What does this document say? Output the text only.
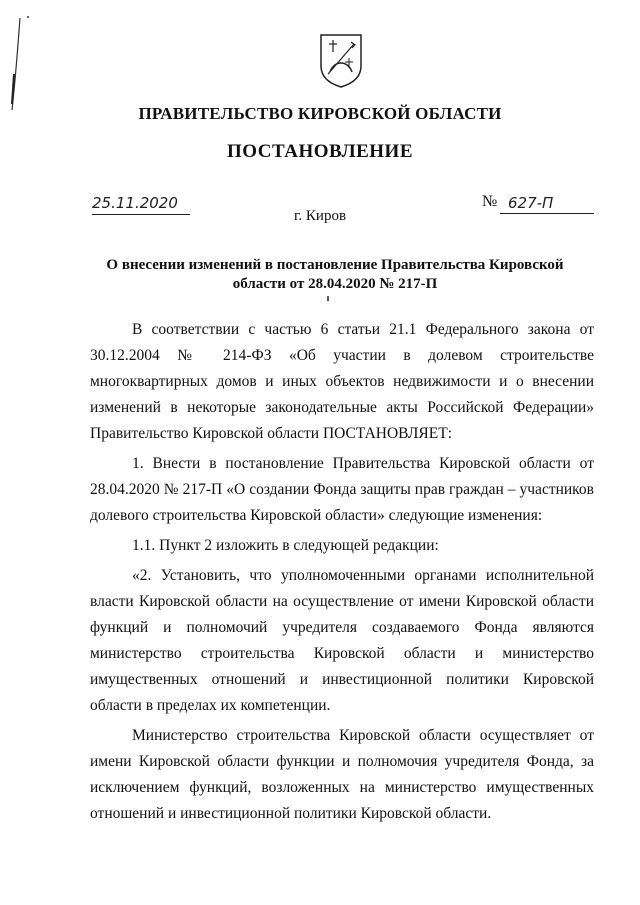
ПРАВИТЕЛЬСТВО КИРОВСКОЙ ОБЛАСТИ
ПОСТАНОВЛЕНИЕ
25.11.2020	№ 627-П
г. Киров
О внесении изменений в постановление Правительства Кировской
области от 28.04.2020 № 217-П

В соответствии с частью 6 статьи 21.1 Федерального закона от 30.12.2004 № 214-ФЗ «Об участии в долевом строительстве многоквартирных домов и иных объектов недвижимости и о внесении изменений в некоторые законодательные акты Российской Федерации» Правительство Кировской области ПОСТАНОВЛЯЕТ:

1. Внести в постановление Правительства Кировской области от 28.04.2020 № 217-П «О создании Фонда защиты прав граждан – участников долевого строительства Кировской области» следующие изменения:

1.1. Пункт 2 изложить в следующей редакции:

«2. Установить, что уполномоченными органами исполнительной власти Кировской области на осуществление от имени Кировской области функций и полномочий учредителя создаваемого Фонда являются министерство строительства Кировской области и министерство имущественных отношений и инвестиционной политики Кировской области в пределах их компетенции.

Министерство строительства Кировской области осуществляет от имени Кировской области функции и полномочия учредителя Фонда, за исключением функций, возложенных на министерство имущественных отношений и инвестиционной политики Кировской области.
